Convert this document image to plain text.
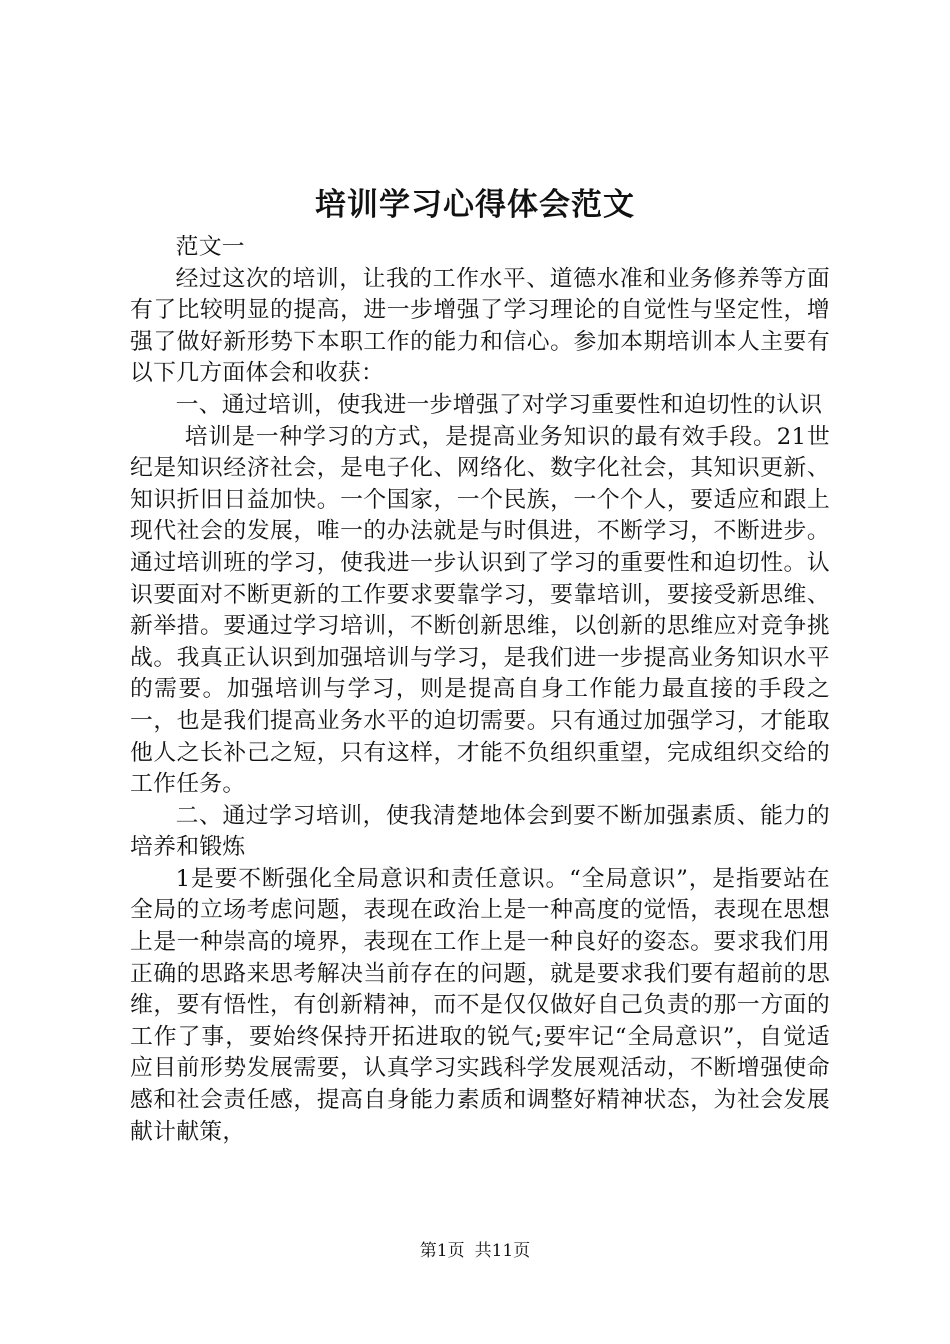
培训学习心得体会范文

范文一

经过这次的培训，让我的工作水平、道德水准和业务修养等方面有了比较明显的提高，进一步增强了学习理论的自觉性与坚定性，增强了做好新形势下本职工作的能力和信心。参加本期培训本人主要有以下几方面体会和收获：

一、通过培训，使我进一步增强了对学习重要性和迫切性的认识

培训是一种学习的方式，是提高业务知识的最有效手段。21世纪是知识经济社会，是电子化、网络化、数字化社会，其知识更新、知识折旧日益加快。一个国家，一个民族，一个个人，要适应和跟上现代社会的发展，唯一的办法就是与时俱进，不断学习，不断进步。通过培训班的学习，使我进一步认识到了学习的重要性和迫切性。认识要面对不断更新的工作要求要靠学习，要靠培训，要接受新思维、新举措。要通过学习培训，不断创新思维，以创新的思维应对竞争挑战。我真正认识到加强培训与学习，是我们进一步提高业务知识水平的需要。加强培训与学习，则是提高自身工作能力最直接的手段之一，也是我们提高业务水平的迫切需要。只有通过加强学习，才能取他人之长补己之短，只有这样，才能不负组织重望，完成组织交给的工作任务。

二、通过学习培训，使我清楚地体会到要不断加强素质、能力的培养和锻炼

1是要不断强化全局意识和责任意识。“全局意识”，是指要站在全局的立场考虑问题，表现在政治上是一种高度的觉悟，表现在思想上是一种崇高的境界，表现在工作上是一种良好的姿态。要求我们用正确的思路来思考解决当前存在的问题，就是要求我们要有超前的思维，要有悟性，有创新精神，而不是仅仅做好自己负责的那一方面的工作了事，要始终保持开拓进取的锐气;要牢记“全局意识”，自觉适应目前形势发展需要，认真学习实践科学发展观活动，不断增强使命感和社会责任感，提高自身能力素质和调整好精神状态，为社会发展献计献策，

第1页 共11页
